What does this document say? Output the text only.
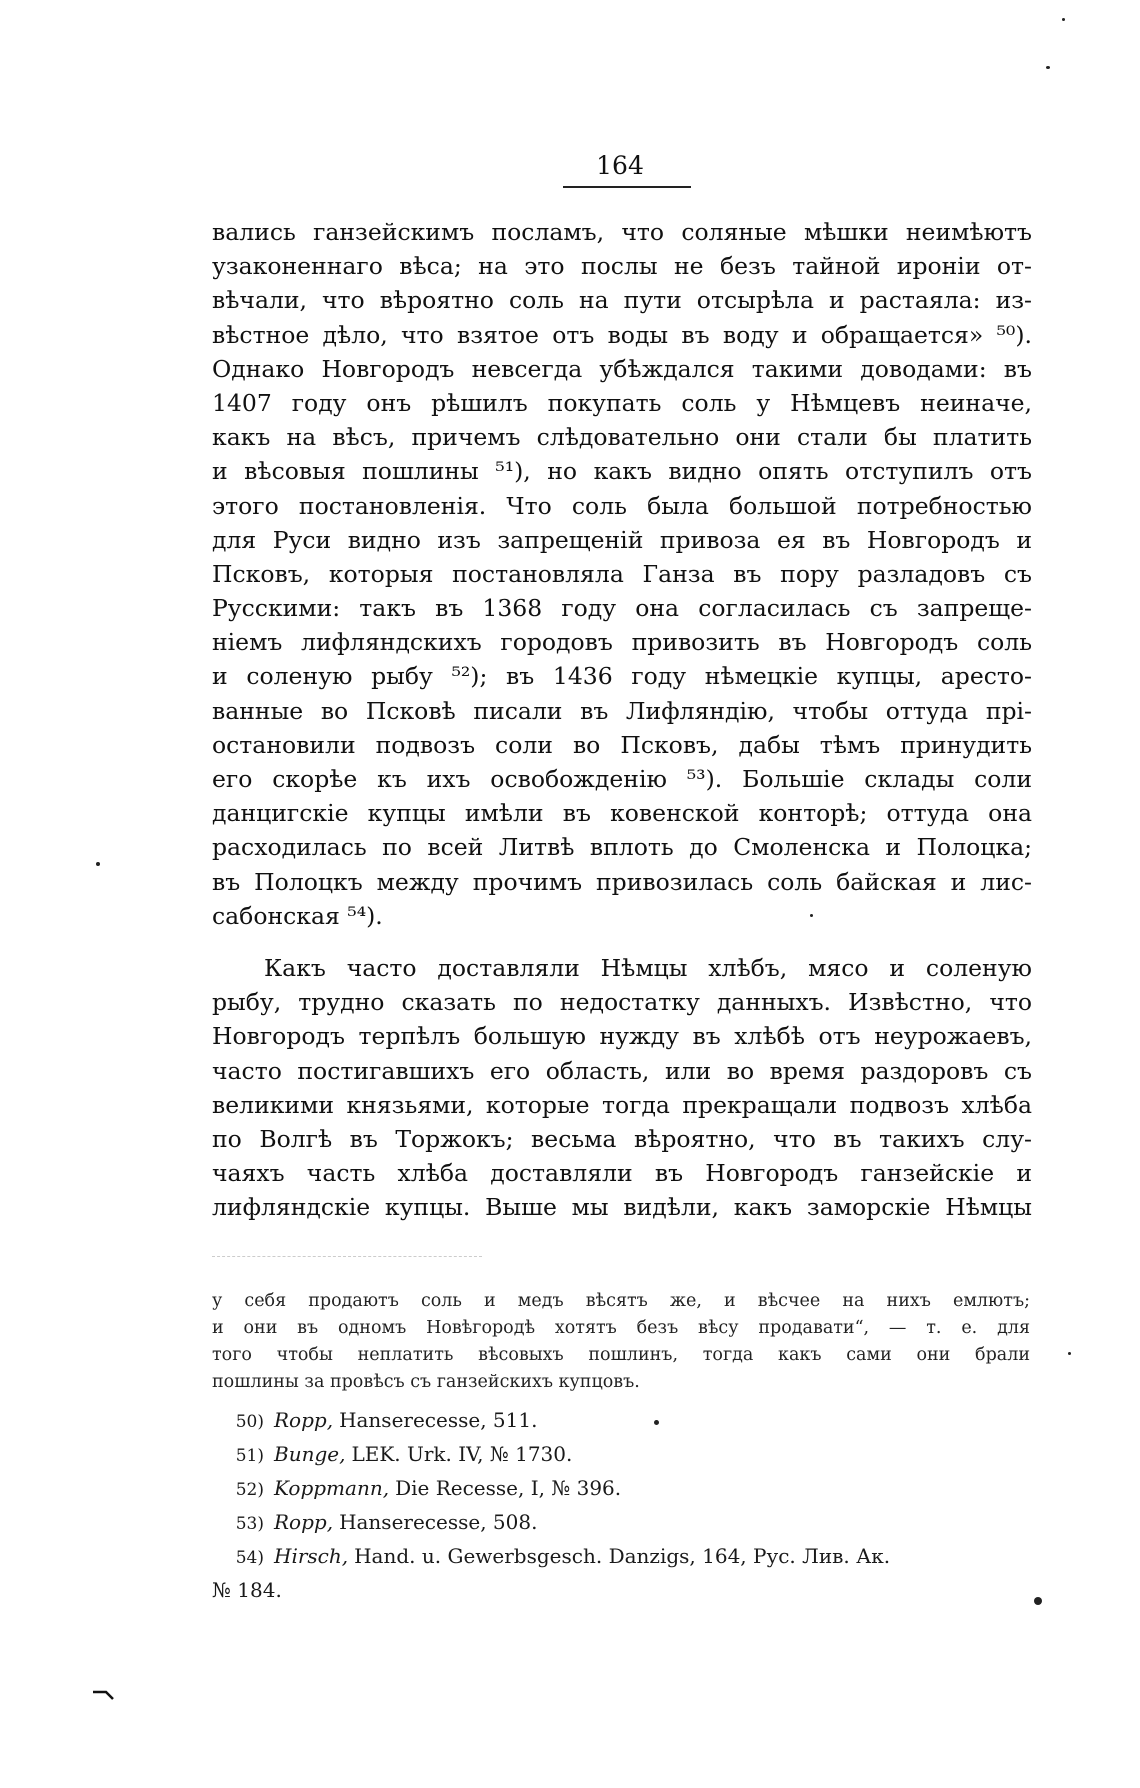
164
вались ганзейскимъ посламъ, что соляные мѣшки неимѣютъ
узаконеннаго вѣса; на это послы не безъ тайной ироніи от-
вѣчали, что вѣроятно соль на пути отсырѣла и растаяла: из-
вѣстное дѣло, что взятое отъ воды въ воду и обращается» ⁵⁰).
Однако Новгородъ невсегда убѣждался такими доводами: въ
1407 году онъ рѣшилъ покупать соль у Нѣмцевъ неиначе,
какъ на вѣсъ, причемъ слѣдовательно они стали бы платить
и вѣсовыя пошлины ⁵¹), но какъ видно опять отступилъ отъ
этого постановленія. Что соль была большой потребностью
для Руси видно изъ запрещеній привоза ея въ Новгородъ и
Псковъ, которыя постановляла Ганза въ пору разладовъ съ
Русскими: такъ въ 1368 году она согласилась съ запреще-
ніемъ лифляндскихъ городовъ привозить въ Новгородъ соль
и соленую рыбу ⁵²); въ 1436 году нѣмецкіе купцы, аресто-
ванные во Псковѣ писали въ Лифляндію, чтобы оттуда прі-
остановили подвозъ соли во Псковъ, дабы тѣмъ принудить
его скорѣе къ ихъ освобожденію ⁵³). Большіе склады соли
данцигскіе купцы имѣли въ ковенской конторѣ; оттуда она
расходилась по всей Литвѣ вплоть до Смоленска и Полоцка;
въ Полоцкъ между прочимъ привозилась соль байская и лис-
сабонская ⁵⁴).
Какъ часто доставляли Нѣмцы хлѣбъ, мясо и соленую
рыбу, трудно сказать по недостатку данныхъ. Извѣстно, что
Новгородъ терпѣлъ большую нужду въ хлѣбѣ отъ неурожаевъ,
часто постигавшихъ его область, или во время раздоровъ съ
великими князьями, которые тогда прекращали подвозъ хлѣба
по Волгѣ въ Торжокъ; весьма вѣроятно, что въ такихъ слу-
чаяхъ часть хлѣба доставляли въ Новгородъ ганзейскіе и
лифляндскіе купцы. Выше мы видѣли, какъ заморскіе Нѣмцы
у себя продаютъ соль и медъ вѣсятъ же, и вѣсчее на нихъ емлютъ;
и они въ одномъ Новѣгородѣ хотятъ безъ вѣсу продавати“, — т. е. для
того чтобы неплатить вѣсовыхъ пошлинъ, тогда какъ сами они брали
пошлины за провѣсъ съ ганзейскихъ купцовъ.
50) Ropp, Hanserecesse, 511.
51) Bunge, LEK. Urk. IV, № 1730.
52) Koppmann, Die Recesse, I, № 396.
53) Ropp, Hanserecesse, 508.
54) Hirsch, Hand. u. Gewerbsgesch. Danzigs, 164, Рус. Лив. Ак.
№ 184.
